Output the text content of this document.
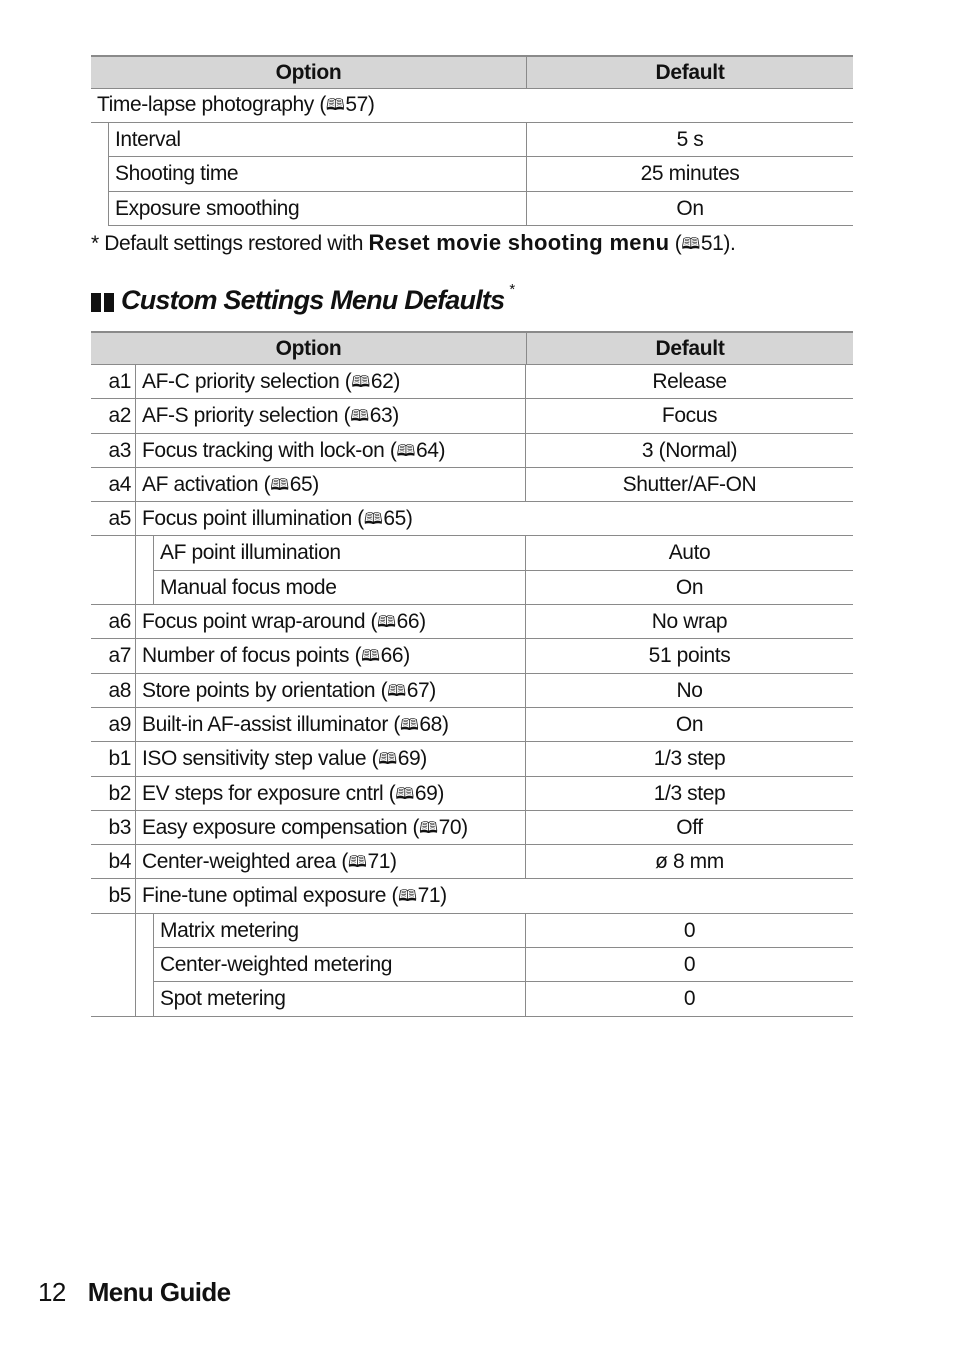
Option	Default
Time-lapse photography (🕮57)
Interval	5 s
Shooting time	25 minutes
Exposure smoothing	On
* Default settings restored with Reset movie shooting menu (🕮51).
Custom Settings Menu Defaults *
Option	Default
a1 AF-C priority selection (🕮62)	Release
a2 AF-S priority selection (🕮63)	Focus
a3 Focus tracking with lock-on (🕮64)	3 (Normal)
a4 AF activation (🕮65)	Shutter/AF-ON
a5 Focus point illumination (🕮65)
AF point illumination	Auto
Manual focus mode	On
a6 Focus point wrap-around (🕮66)	No wrap
a7 Number of focus points (🕮66)	51 points
a8 Store points by orientation (🕮67)	No
a9 Built-in AF-assist illuminator (🕮68)	On
b1 ISO sensitivity step value (🕮69)	1/3 step
b2 EV steps for exposure cntrl (🕮69)	1/3 step
b3 Easy exposure compensation (🕮70)	Off
b4 Center-weighted area (🕮71)	ø 8 mm
b5 Fine-tune optimal exposure (🕮71)
Matrix metering	0
Center-weighted metering	0
Spot metering	0
12 Menu Guide
